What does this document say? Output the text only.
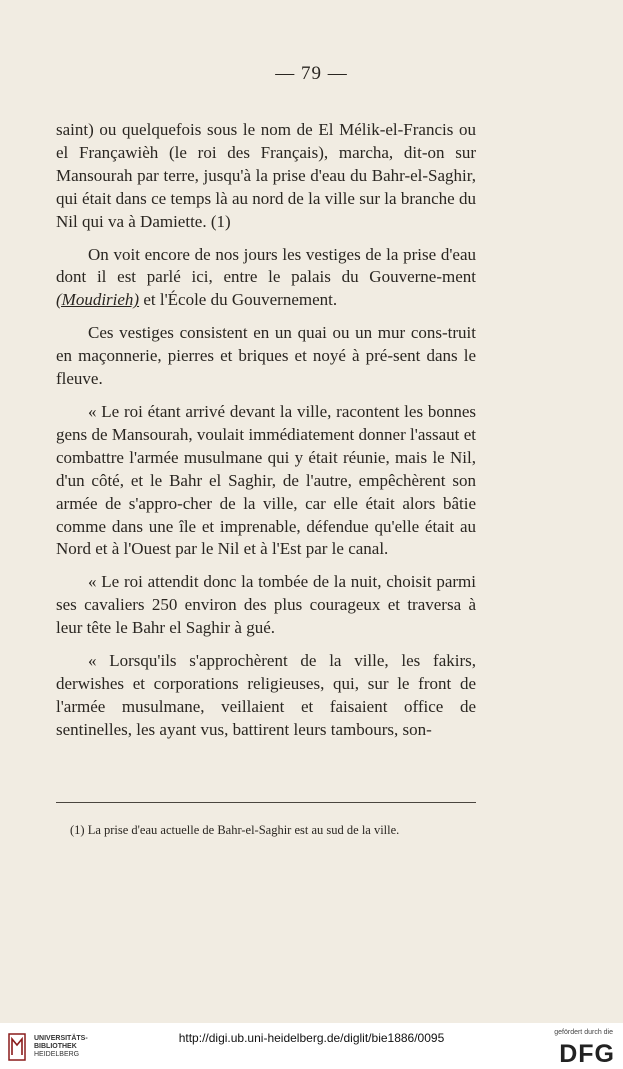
— 79 —

saint) ou quelquefois sous le nom de El Mélik-el-Francis ou el Françawièh (le roi des Français), marcha, dit-on sur Mansourah par terre, jusqu'à la prise d'eau du Bahr-el-Saghir, qui était dans ce temps là au nord de la ville sur la branche du Nil qui va à Damiette. (1)

On voit encore de nos jours les vestiges de la prise d'eau dont il est parlé ici, entre le palais du Gouverne-ment (Moudirieh) et l'École du Gouvernement.

Ces vestiges consistent en un quai ou un mur cons-truit en maçonnerie, pierres et briques et noyé à pré-sent dans le fleuve.

« Le roi étant arrivé devant la ville, racontent les bonnes gens de Mansourah, voulait immédiatement donner l'assaut et combattre l'armée musulmane qui y était réunie, mais le Nil, d'un côté, et le Bahr el Saghir, de l'autre, empêchèrent son armée de s'appro-cher de la ville, car elle était alors bâtie comme dans une île et imprenable, défendue qu'elle était au Nord et à l'Ouest par le Nil et à l'Est par le canal.

« Le roi attendit donc la tombée de la nuit, choisit parmi ses cavaliers 250 environ des plus courageux et traversa à leur tête le Bahr el Saghir à gué.

« Lorsqu'ils s'approchèrent de la ville, les fakirs, derwishes et corporations religieuses, qui, sur le front de l'armée musulmane, veillaient et faisaient office de sentinelles, les ayant vus, battirent leurs tambours, son-

(1) La prise d'eau actuelle de Bahr-el-Saghir est au sud de la ville.
UNIVERSITÄTS-
BIBLIOTHEK
HEIDELBERG
http://digi.ub.uni-heidelberg.de/diglit/bie1886/0095	gefördert durch die
DFG
